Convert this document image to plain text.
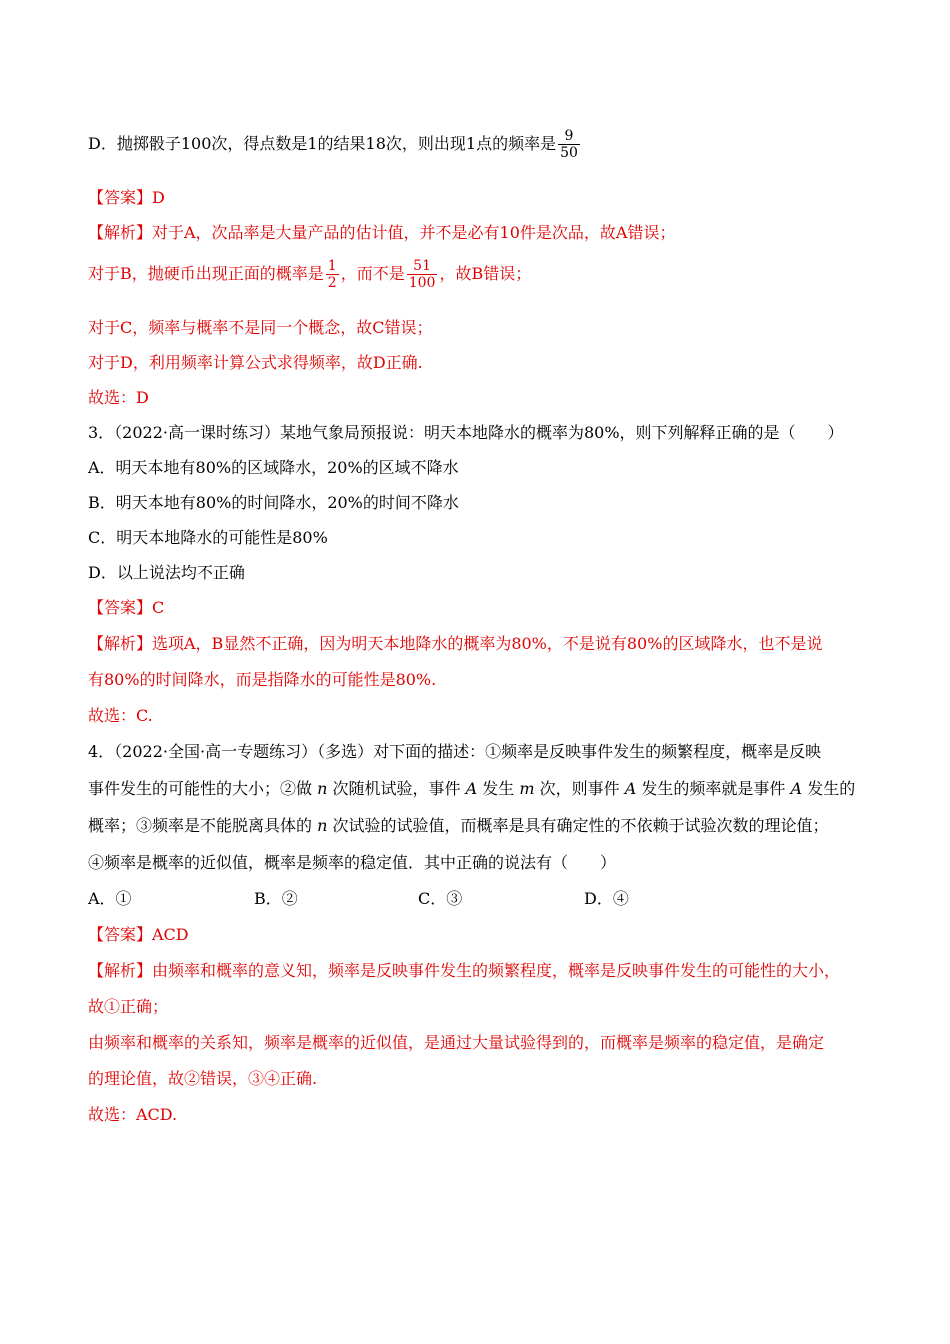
D．抛掷骰子100次，得点数是1的结果18次，则出现1点的频率是 $\frac{9}{50}$
【答案】D
【解析】对于A，次品率是大量产品的估计值，并不是必有10件是次品，故A错误；
对于B，抛硬币出现正面的概率是 $\frac{1}{2}$ ，而不是 $\frac{51}{100}$ ，故B错误；
对于C，频率与概率不是同一个概念，故C错误；
对于D，利用频率计算公式求得频率，故D正确.
故选：D
3．（2022·高一课时练习）某地气象局预报说：明天本地降水的概率为80%，则下列解释正确的是（　　）
A．明天本地有80%的区域降水，20%的区域不降水
B．明天本地有80%的时间降水，20%的时间不降水
C．明天本地降水的可能性是80%
D．以上说法均不正确
【答案】C
【解析】选项A，B显然不正确，因为明天本地降水的概率为80%，不是说有80%的区域降水，也不是说
有80%的时间降水，而是指降水的可能性是80%.
故选：C.
4．（2022·全国·高一专题练习）（多选）对下面的描述：①频率是反映事件发生的频繁程度，概率是反映
事件发生的可能性的大小；②做 n 次随机试验，事件 A 发生 m 次，则事件 A 发生的频率就是事件 A 发生的
概率；③频率是不能脱离具体的 n 次试验的试验值，而概率是具有确定性的不依赖于试验次数的理论值；
④频率是概率的近似值，概率是频率的稳定值．其中正确的说法有（　　）
A．①	B．②	C．③	D．④
【答案】ACD
【解析】由频率和概率的意义知，频率是反映事件发生的频繁程度，概率是反映事件发生的可能性的大小，
故①正确；
由频率和概率的关系知，频率是概率的近似值，是通过大量试验得到的，而概率是频率的稳定值，是确定
的理论值，故②错误，③④正确.
故选：ACD.
